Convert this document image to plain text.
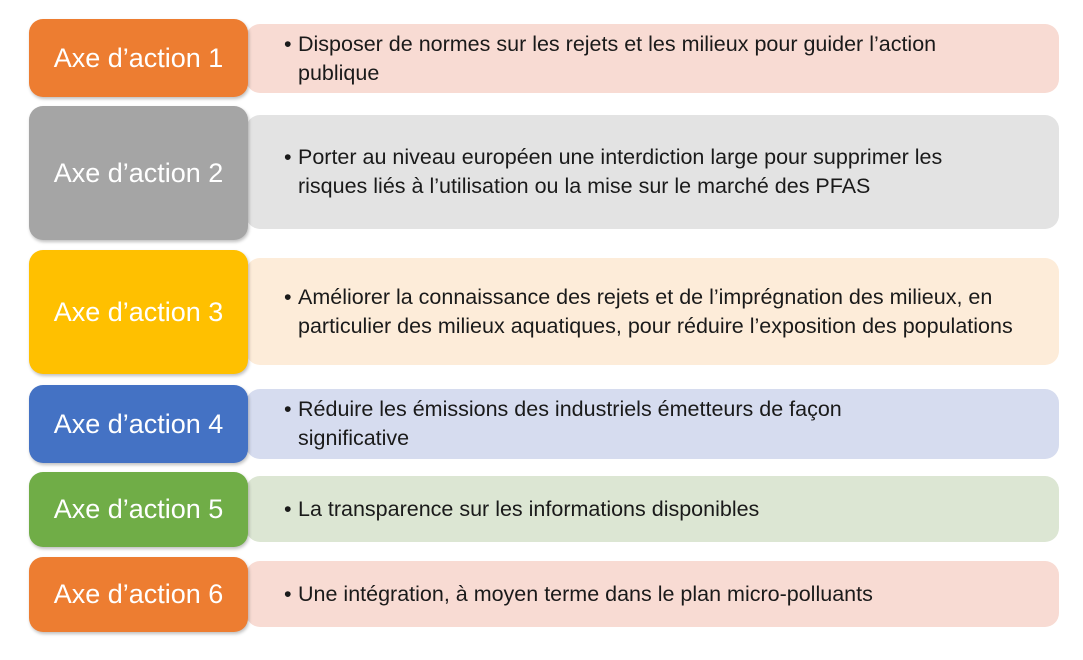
• Disposer de normes sur les rejets et les milieux pour guider l’action publique
Axe d’action 1
• Porter au niveau européen une interdiction large pour supprimer les risques liés à l’utilisation ou la mise sur le marché des PFAS
Axe d’action 2
• Améliorer la connaissance des rejets et de l’imprégnation des milieux, en particulier des milieux aquatiques, pour réduire l’exposition des populations
Axe d’action 3
• Réduire les émissions des industriels émetteurs de façon significative
Axe d’action 4
• La transparence sur les informations disponibles
Axe d’action 5
• Une intégration, à moyen terme dans le plan micro-polluants
Axe d’action 6
